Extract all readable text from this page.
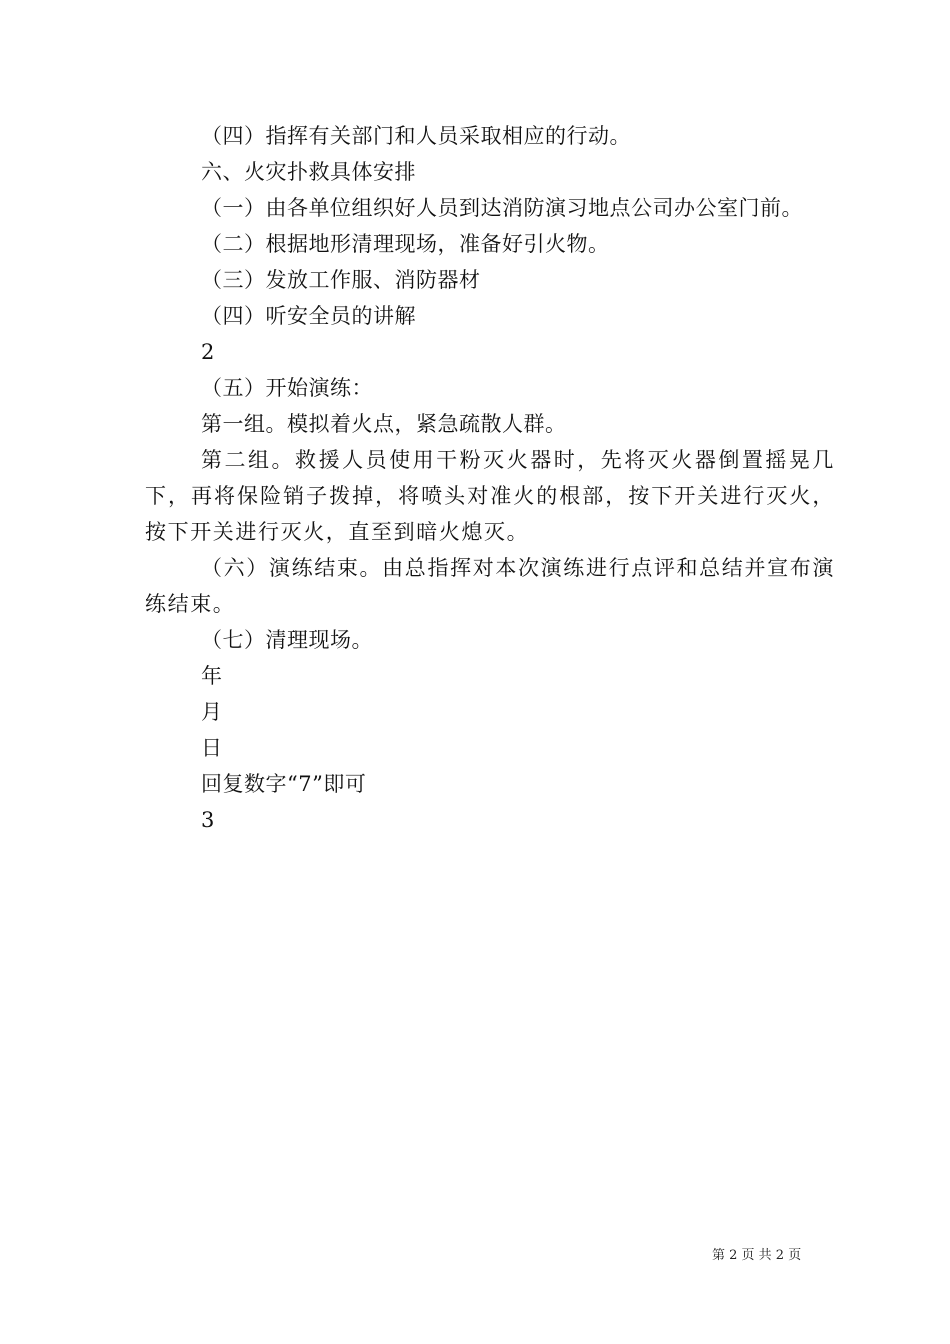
（四）指挥有关部门和人员采取相应的行动。

六、火灾扑救具体安排

（一）由各单位组织好人员到达消防演习地点公司办公室门前。

（二）根据地形清理现场，准备好引火物。

（三）发放工作服、消防器材

（四）听安全员的讲解

2

（五）开始演练：

第一组。模拟着火点，紧急疏散人群。

第二组。救援人员使用干粉灭火器时，先将灭火器倒置摇晃几下，再将保险销子拨掉，将喷头对准火的根部，按下开关进行灭火，按下开关进行灭火，直至到暗火熄灭。

（六）演练结束。由总指挥对本次演练进行点评和总结并宣布演练结束。

（七）清理现场。

年

月

日

回复数字“7”即可

3

第 2 页 共 2 页
